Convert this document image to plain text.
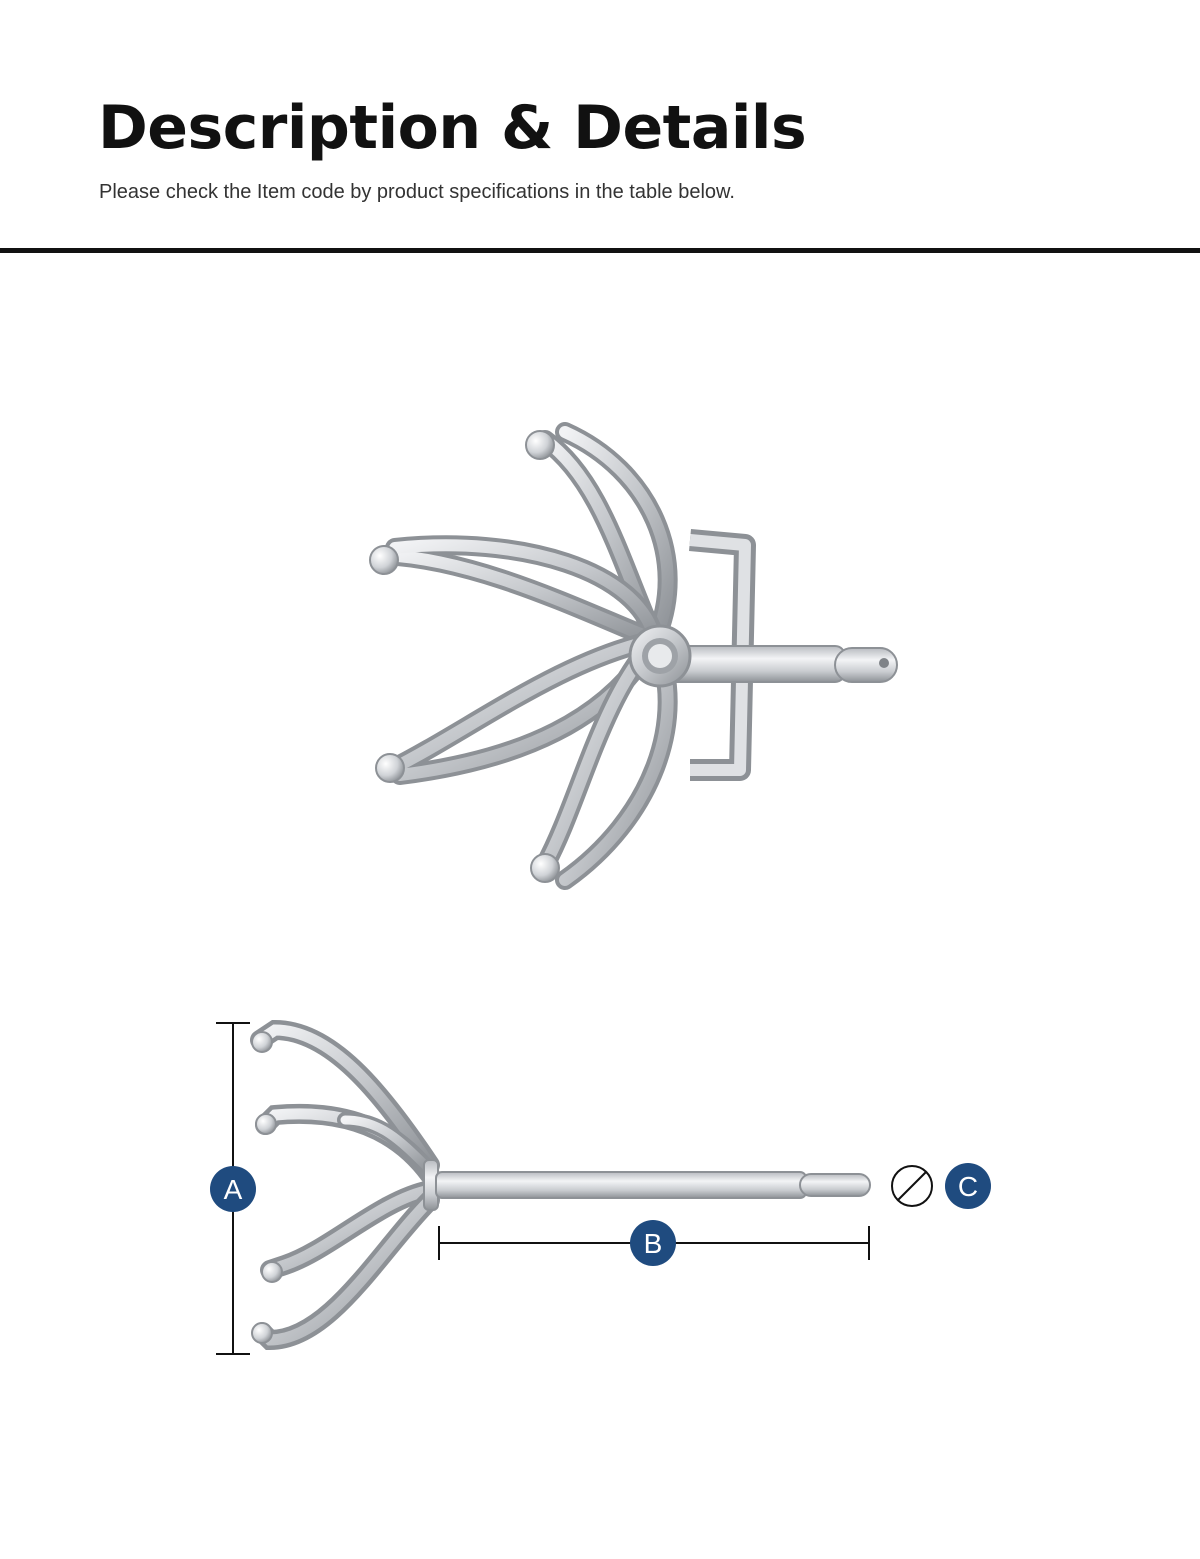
Description & Details

Please check the Item code by product specifications in the table below.

A
B
C
